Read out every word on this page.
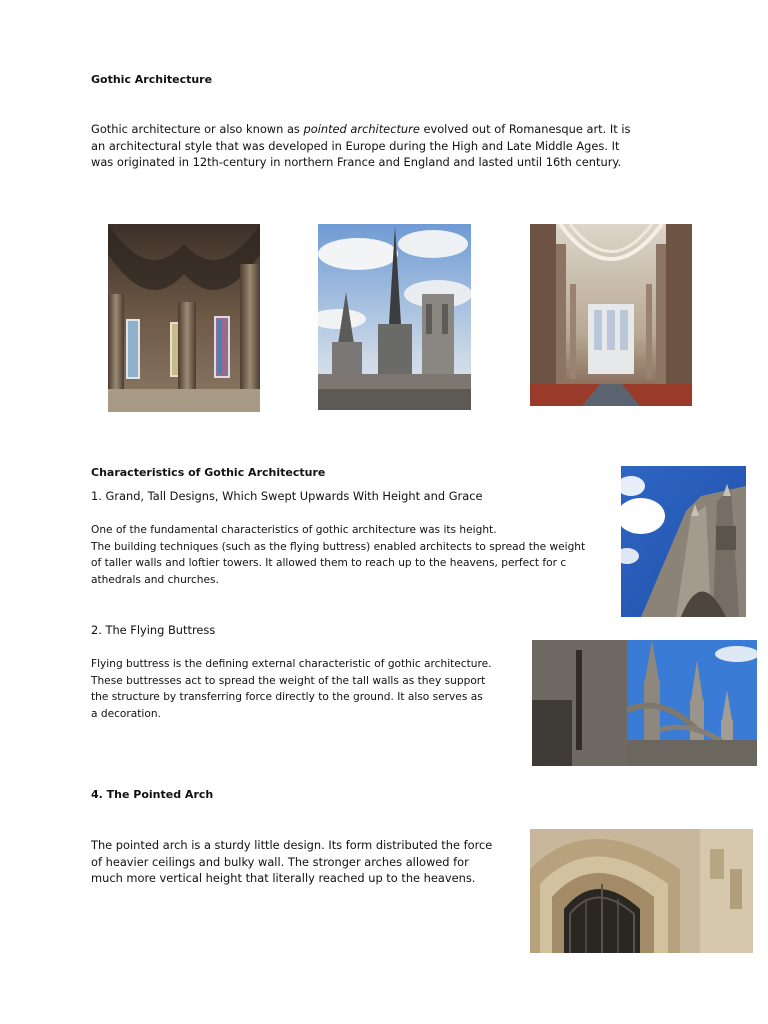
Gothic Architecture
Gothic architecture or also known as pointed architecture evolved out of Romanesque art. It is
an architectural style that was developed in Europe during the High and Late Middle Ages. It
was originated in 12th-century in northern France and England and lasted until 16th century.
Characteristics of Gothic Architecture
1. Grand, Tall Designs, Which Swept Upwards With Height and Grace
One of the fundamental characteristics of gothic architecture was its height.
The building techniques (such as the flying buttress) enabled architects to spread the weight
of taller walls and loftier towers. It allowed them to reach up to the heavens, perfect for c
athedrals and churches.
2. The Flying Buttress
Flying buttress is the defining external characteristic of gothic architecture.
These buttresses act to spread the weight of the tall walls as they support
the structure by transferring force directly to the ground. It also serves as
a decoration.
4. The Pointed Arch
The pointed arch is a sturdy little design. Its form distributed the force
of heavier ceilings and bulky wall. The stronger arches allowed for
much more vertical height that literally reached up to the heavens.
